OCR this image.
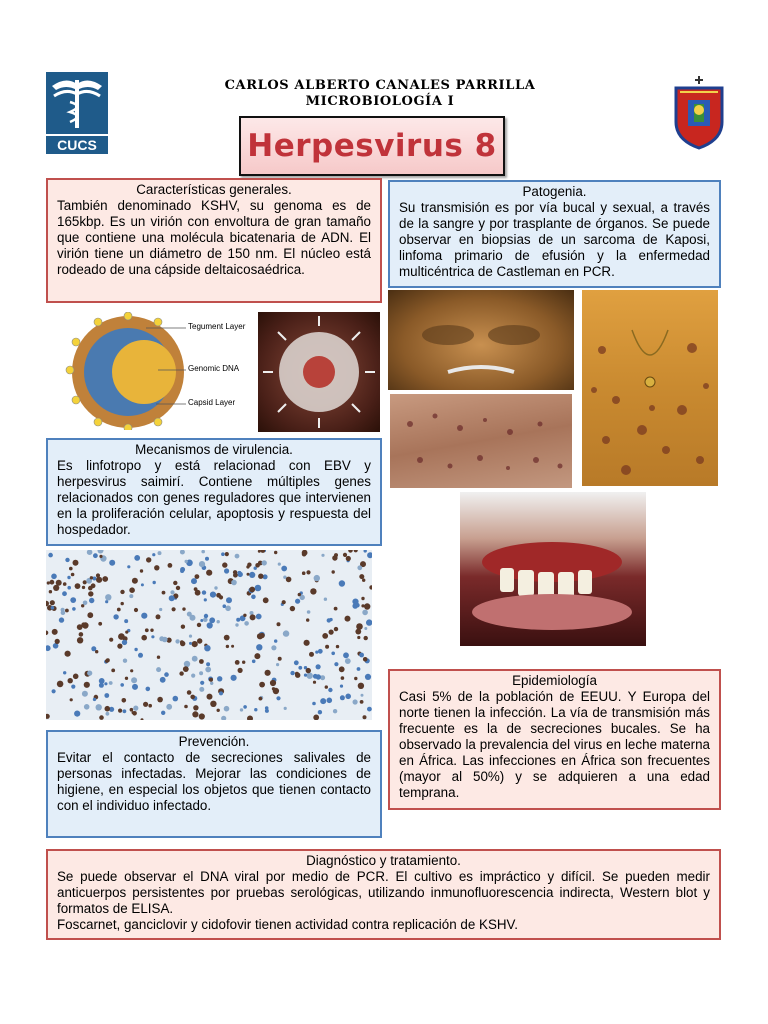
CUCS
CARLOS ALBERTO CANALES PARRILLA
MICROBIOLOGÍA I
Herpesvirus 8
Características generales.

También denominado KSHV, su genoma es de 165kbp. Es un virión con envoltura de gran tamaño que contiene una molécula bicatenaria de ADN. El virión tiene un diámetro de 150 nm. El núcleo está rodeado de una cápside deltaicosaédrica.

Patogenia.

Su transmisión es por vía bucal y sexual, a través de la sangre y por trasplante de órganos. Se puede observar en biopsias de un sarcoma de Kaposi, linfoma primario de efusión y la enfermedad multicéntrica de Castleman en PCR.

Tegument Layer
Genomic DNA
Capsid Layer
Mecanismos de virulencia.

Es linfotropo y está relacionad con EBV y herpesvirus saimirí. Contiene múltiples genes relacionados con genes reguladores que intervienen en la proliferación celular, apoptosis y respuesta del hospedador.

Prevención.

Evitar el contacto de secreciones salivales de personas infectadas. Mejorar las condiciones de higiene, en especial los objetos que tienen contacto con el individuo infectado.

Epidemiología

Casi 5% de la población de EEUU. Y Europa del norte tienen la infección. La vía de transmisión más frecuente es la de secreciones bucales. Se ha observado la prevalencia del virus en leche materna en África. Las infecciones en África son frecuentes (mayor al 50%) y se adquieren a una edad temprana.

Diagnóstico y tratamiento.

Se puede observar el DNA viral por medio de PCR. El cultivo es imprácticо y difícil. Se pueden medir anticuerpos persistentes por pruebas serológicas, utilizando inmunofluorescencia indirecta, Western blot y formatos de ELISA.

Foscarnet, ganciclovir y cidofovir tienen actividad contra replicación de KSHV.
